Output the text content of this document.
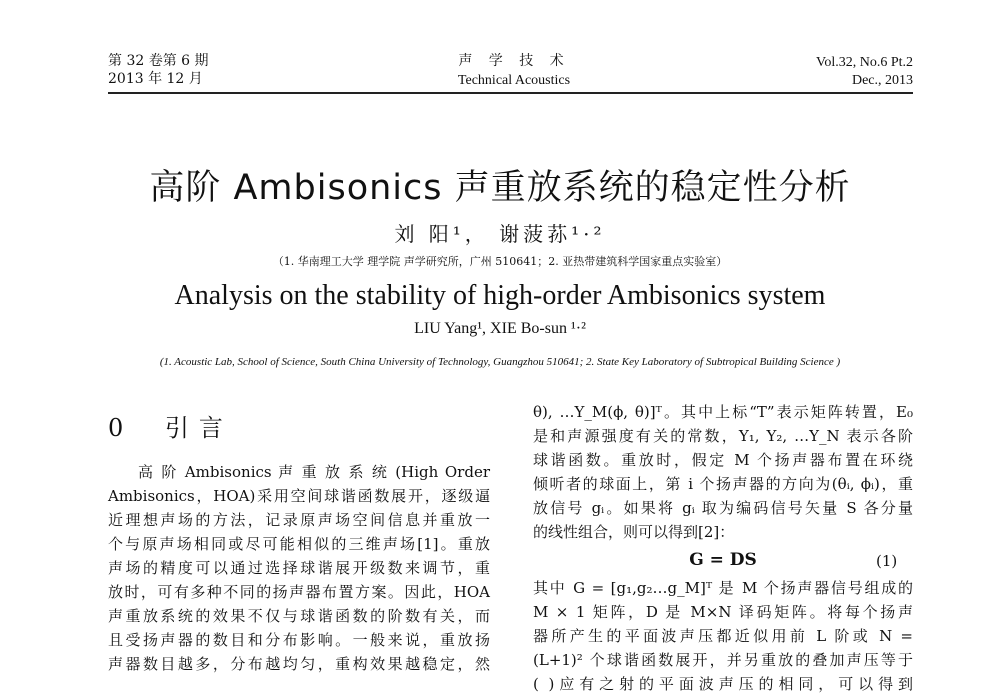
第 32 卷第 6 期
2013 年 12 月
声 学 技 术
Technical Acoustics
Vol.32, No.6 Pt.2
Dec., 2013
高阶 Ambisonics 声重放系统的稳定性分析
刘 阳¹， 谢菠荪¹·²
（1. 华南理工大学 理学院 声学研究所，广州 510641；2. 亚热带建筑科学国家重点实验室）
Analysis on the stability of high-order Ambisonics system
LIU Yang¹, XIE Bo-sun ¹·²
(1. Acoustic Lab, School of Science, South China University of Technology, Guangzhou 510641; 2. State Key Laboratory of Subtropical Building Science )
0 引言
高 阶 Ambisonics 声 重 放 系 统 (High Order
Ambisonics，HOA)采用空间球谐函数展开，逐级逼
近理想声场的方法，记录原声场空间信息并重放一
个与原声场相同或尽可能相似的三维声场[1]。重放
声场的精度可以通过选择球谐展开级数来调节，重
放时，可有多种不同的扬声器布置方案。因此，HOA
声重放系统的效果不仅与球谐函数的阶数有关，而
且受扬声器的数目和分布影响。一般来说，重放扬
声器数目越多，分布越均匀，重构效果越稳定，然
θ), …Y_M(ϕ, θ)]ᵀ。其中上标“T”表示矩阵转置，E₀
是和声源强度有关的常数，Y₁, Y₂, …Y_N 表示各阶
球谐函数。重放时，假定 M 个扬声器布置在环绕
倾听者的球面上，第 i 个扬声器的方向为(θᵢ, ϕᵢ)，重
放信号 gᵢ。如果将 gᵢ 取为编码信号矢量 S 各分量
的线性组合，则可以得到[2]：
G = DS	(1)
其中 G = [g₁,g₂…g_M]ᵀ 是 M 个扬声器信号组成的
M × 1 矩阵，D 是 M×N 译码矩阵。将每个扬声
器所产生的平面波声压都近似用前 L 阶或 N =
(L+1)² 个球谐函数展开，并另重放的叠加声压等于
( )应有之射的平面波声压的相同，可以得到
